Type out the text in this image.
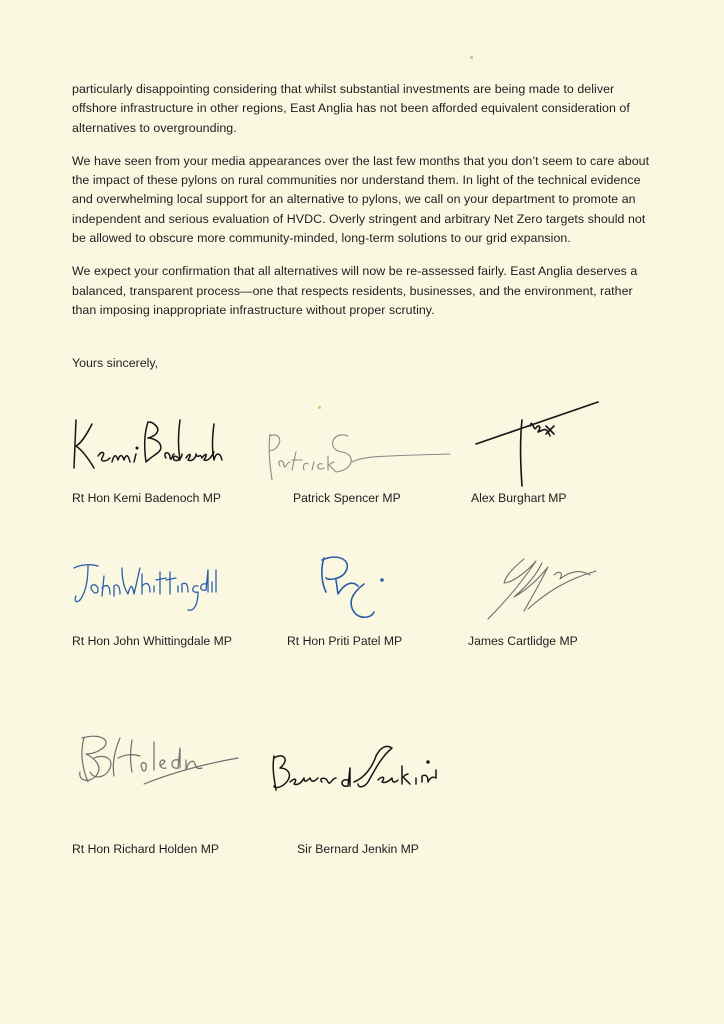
particularly disappointing considering that whilst substantial investments are being made to deliver offshore infrastructure in other regions, East Anglia has not been afforded equivalent consideration of alternatives to overgrounding.

We have seen from your media appearances over the last few months that you don’t seem to care about the impact of these pylons on rural communities nor understand them. In light of the technical evidence and overwhelming local support for an alternative to pylons, we call on your department to promote an independent and serious evaluation of HVDC. Overly stringent and arbitrary Net Zero targets should not be allowed to obscure more community-minded, long-term solutions to our grid expansion.

We expect your confirmation that all alternatives will now be re-assessed fairly. East Anglia deserves a balanced, transparent process—one that respects residents, businesses, and the environment, rather than imposing inappropriate infrastructure without proper scrutiny.

Yours sincerely,

Rt Hon Kemi Badenoch MP	Patrick Spencer MP	Alex Burghart MP

Rt Hon John Whittingdale MP	Rt Hon Priti Patel MP	James Cartlidge MP

Rt Hon Richard Holden MP	Sir Bernard Jenkin MP
